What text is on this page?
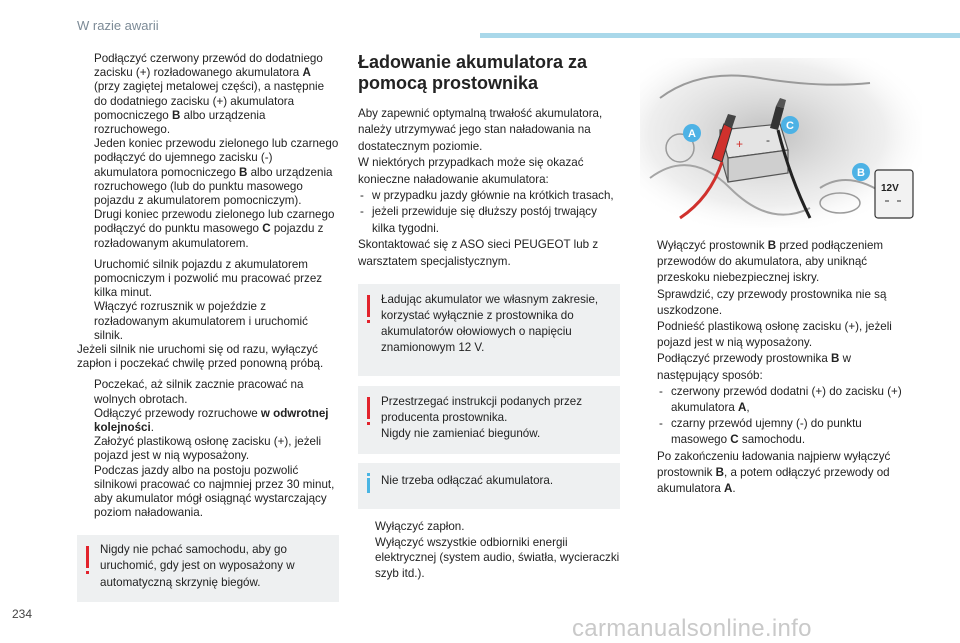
W razie awarii
Podłączyć czerwony przewód do dodatniego zacisku (+) rozładowanego akumulatora A (przy zagiętej metalowej części), a następnie do dodatniego zacisku (+) akumulatora pomocniczego B albo urządzenia rozruchowego.
Jeden koniec przewodu zielonego lub czarnego podłączyć do ujemnego zacisku (-) akumulatora pomocniczego B albo urządzenia rozruchowego (lub do punktu masowego pojazdu z akumulatorem pomocniczym).
Drugi koniec przewodu zielonego lub czarnego podłączyć do punktu masowego C pojazdu z rozładowanym akumulatorem.
Uruchomić silnik pojazdu z akumulatorem pomocniczym i pozwolić mu pracować przez kilka minut.
Włączyć rozrusznik w pojeździe z rozładowanym akumulatorem i uruchomić silnik.

Jeżeli silnik nie uruchomi się od razu, wyłączyć zapłon i poczekać chwilę przed ponowną próbą.

Poczekać, aż silnik zacznie pracować na wolnych obrotach.
Odłączyć przewody rozruchowe w odwrotnej kolejności.
Założyć plastikową osłonę zacisku (+), jeżeli pojazd jest w nią wyposażony.
Podczas jazdy albo na postoju pozwolić silnikowi pracować co najmniej przez 30 minut, aby akumulator mógł osiągnąć wystarczający poziom naładowania.
Nigdy nie pchać samochodu, aby go uruchomić, gdy jest on wyposażony w automatyczną skrzynię biegów.
Ładowanie akumulatora za pomocą prostownika

Aby zapewnić optymalną trwałość akumulatora, należy utrzymywać jego stan naładowania na dostatecznym poziomie.

W niektórych przypadkach może się okazać konieczne naładowanie akumulatora:

- w przypadku jazdy głównie na krótkich trasach,
- jeżeli przewiduje się dłuższy postój trwający kilka tygodni.

Skontaktować się z ASO sieci PEUGEOT lub z warsztatem specjalistycznym.

Ładując akumulator we własnym zakresie, korzystać wyłącznie z prostownika do akumulatorów ołowiowych o napięciu znamionowym 12 V.
Przestrzegać instrukcji podanych przez producenta prostownika.
Nigdy nie zamieniać biegunów.
Nie trzeba odłączać akumulatora.
Wyłączyć zapłon.
Wyłączyć wszystkie odbiorniki energii elektrycznej (system audio, światła, wycieraczki szyb itd.).
+ -
12V
A
B
C
Wyłączyć prostownik B przed podłączeniem przewodów do akumulatora, aby uniknąć przeskoku niebezpiecznej iskry.
Sprawdzić, czy przewody prostownika nie są uszkodzone.
Podnieść plastikową osłonę zacisku (+), jeżeli pojazd jest w nią wyposażony.
Podłączyć przewody prostownika B w następujący sposób:
- czerwony przewód dodatni (+) do zacisku (+) akumulatora A,
- czarny przewód ujemny (-) do punktu masowego C samochodu.
Po zakończeniu ładowania najpierw wyłączyć prostownik B, a potem odłączyć przewody od akumulatora A.
234
carmanualsonline.info
